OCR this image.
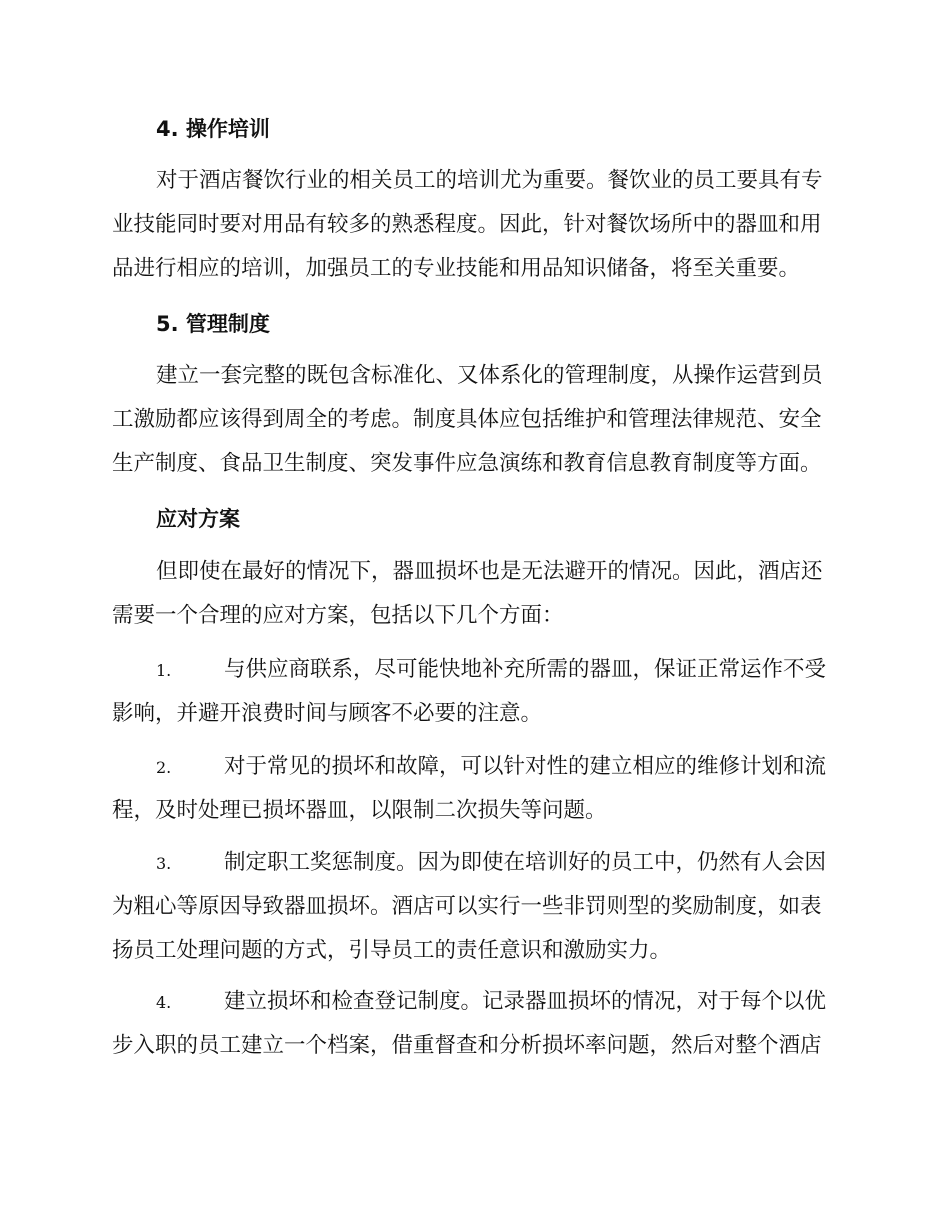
4. 操作培训
对于酒店餐饮行业的相关员工的培训尤为重要。餐饮业的员工要具有专
业技能同时要对用品有较多的熟悉程度。因此，针对餐饮场所中的器皿和用
品进行相应的培训，加强员工的专业技能和用品知识储备，将至关重要。
5. 管理制度
建立一套完整的既包含标准化、又体系化的管理制度，从操作运营到员
工激励都应该得到周全的考虑。制度具体应包括维护和管理法律规范、安全
生产制度、食品卫生制度、突发事件应急演练和教育信息教育制度等方面。
应对方案
但即使在最好的情况下，器皿损坏也是无法避开的情况。因此，酒店还
需要一个合理的应对方案，包括以下几个方面：
1. 与供应商联系，尽可能快地补充所需的器皿，保证正常运作不受
影响，并避开浪费时间与顾客不必要的注意。
2. 对于常见的损坏和故障，可以针对性的建立相应的维修计划和流
程，及时处理已损坏器皿，以限制二次损失等问题。
3. 制定职工奖惩制度。因为即使在培训好的员工中，仍然有人会因
为粗心等原因导致器皿损坏。酒店可以实行一些非罚则型的奖励制度，如表
扬员工处理问题的方式，引导员工的责任意识和激励实力。
4. 建立损坏和检查登记制度。记录器皿损坏的情况，对于每个以优
步入职的员工建立一个档案，借重督查和分析损坏率问题，然后对整个酒店
